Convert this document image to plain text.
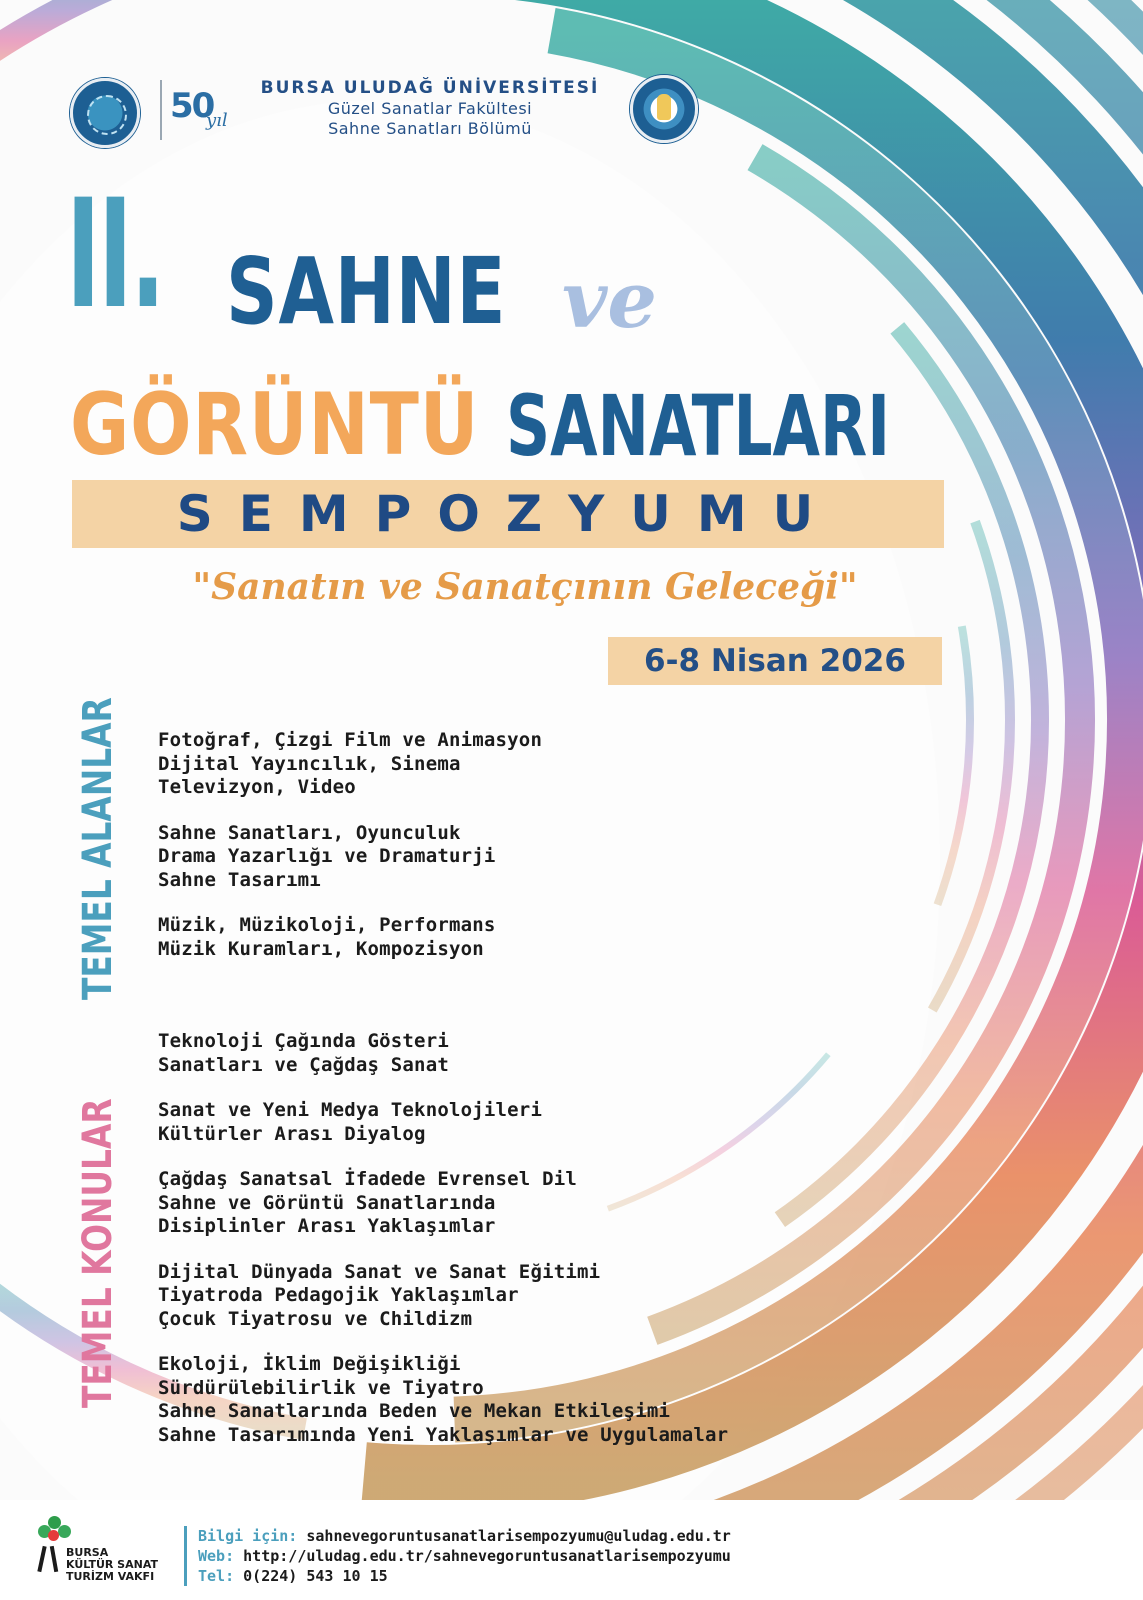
50
yıl
BURSA ULUDAĞ ÜNİVERSİTESİ
Güzel Sanatlar Fakültesi
Sahne Sanatları Bölümü
II. SAHNE ve
GÖRÜNTÜ SANATLARI
SEMPOZYUMU
"Sanatın ve Sanatçının Geleceği"
6-8 Nisan 2026
TEMEL ALANLAR
TEMEL KONULAR
Fotoğraf, Çizgi Film ve Animasyon
Dijital Yayıncılık, Sinema
Televizyon, Video
Sahne Sanatları, Oyunculuk
Drama Yazarlığı ve Dramaturji
Sahne Tasarımı
Müzik, Müzikoloji, Performans
Müzik Kuramları, Kompozisyon
Teknoloji Çağında Gösteri
Sanatları ve Çağdaş Sanat
Sanat ve Yeni Medya Teknolojileri
Kültürler Arası Diyalog
Çağdaş Sanatsal İfadede Evrensel Dil
Sahne ve Görüntü Sanatlarında
Disiplinler Arası Yaklaşımlar
Dijital Dünyada Sanat ve Sanat Eğitimi
Tiyatroda Pedagojik Yaklaşımlar
Çocuk Tiyatrosu ve Childizm
Ekoloji, İklim Değişikliği
Sürdürülebilirlik ve Tiyatro
Sahne Sanatlarında Beden ve Mekan Etkileşimi
Sahne Tasarımında Yeni Yaklaşımlar ve Uygulamalar
BURSA
KÜLTÜR SANAT
TURİZM VAKFI
Bilgi için: sahnevegoruntusanatlarisempozyumu@uludag.edu.tr
Web: http://uludag.edu.tr/sahnevegoruntusanatlarisempozyumu
Tel: 0(224) 543 10 15
